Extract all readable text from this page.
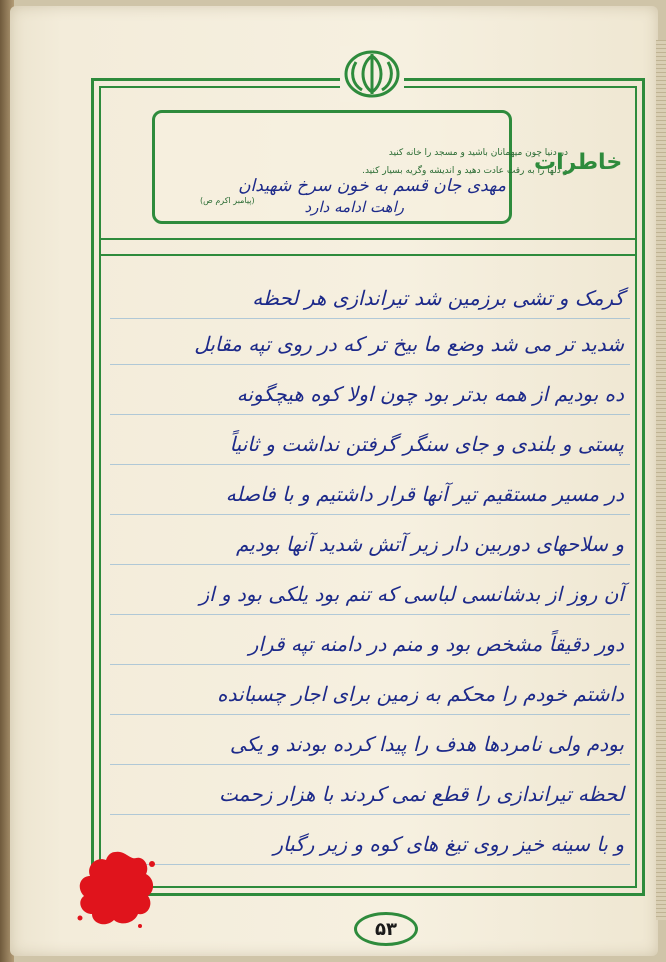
در دنیا چون میهمانان باشید و مسجد را خانه کنید
و دلها را به رقت عادت دهید و اندیشه وگریه بسیار کنید.
(پیامبر اکرم ص)
مهدی جان قسم به خون سرخ شهیدان
راهت ادامه دارد
خاطرات
گرمک و تشی برزمین شد تیراندازی هر لحظه
شدید تر می شد وضع ما بیخ تر که در روی تپه مقابل
ده بودیم از همه بدتر بود چون اولا کوه هیچگونه
پستی و بلندی و جای سنگر گرفتن نداشت و ثانیاً
در مسیر مستقیم تیر آنها قرار داشتیم و با فاصله
و سلاحهای دوربین دار زیر آتش شدید آنها بودیم
آن روز از بدشانسی لباسی که تنم بود یلکی بود و از
دور دقیقاً مشخص بود و منم در دامنه تپه قرار
داشتم خودم را محکم به زمین برای اجار چسبانده
بودم ولی نامردها هدف را پیدا کرده بودند و یکی
لحظه تیراندازی را قطع نمی کردند با هزار زحمت
و با سینه خیز روی تیغ های کوه و زیر رگبار
۵۳
